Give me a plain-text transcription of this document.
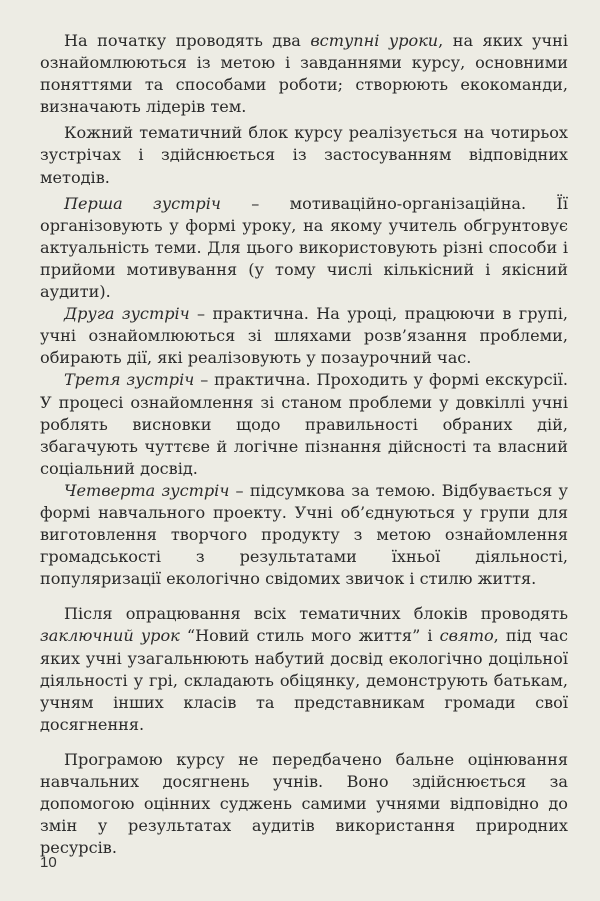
На початку проводять два вступні уроки, на яких учні ознайомлюються із метою і завданнями курсу, основними поняттями та способами роботи; створюють екокоманди, визначають лідерів тем.

Кожний тематичний блок курсу реалізується на чотирьох зустрічах і здійснюється із застосуванням відповідних методів.

Перша зустріч – мотиваційно-організаційна. Її організовують у формі уроку, на якому учитель обгрунтовує актуальність теми. Для цього використовують різні способи і прийоми мотивування (у тому числі кількісний і якісний аудити).

Друга зустріч – практична. На уроці, працюючи в групі, учні ознайомлюються зі шляхами розв’язання проблеми, обирають дії, які реалізовують у позаурочний час.

Третя зустріч – практична. Проходить у формі екскурсії. У процесі ознайомлення зі станом проблеми у довкіллі учні роблять висновки щодо правильності обраних дій, збагачують чуттєве й логічне пізнання дійсності та власний соціальний досвід.

Четверта зустріч – підсумкова за темою. Відбувається у формі навчального проекту. Учні об’єднуються у групи для виготовлення творчого продукту з метою ознайомлення громадськості з результатами їхньої діяльності, популяризації екологічно свідомих звичок і стилю життя.

Після опрацювання всіх тематичних блоків проводять заключний урок “Новий стиль мого життя” і свято, під час яких учні узагальнюють набутий досвід екологічно доцільної діяльності у грі, складають обіцянку, демонструють батькам, учням інших класів та представникам громади свої досягнення.

Програмою курсу не передбачено бальне оцінювання навчальних досягнень учнів. Воно здійснюється за допомогою оцінних суджень самими учнями відповідно до змін у результатах аудитів використання природних ресурсів.

10
